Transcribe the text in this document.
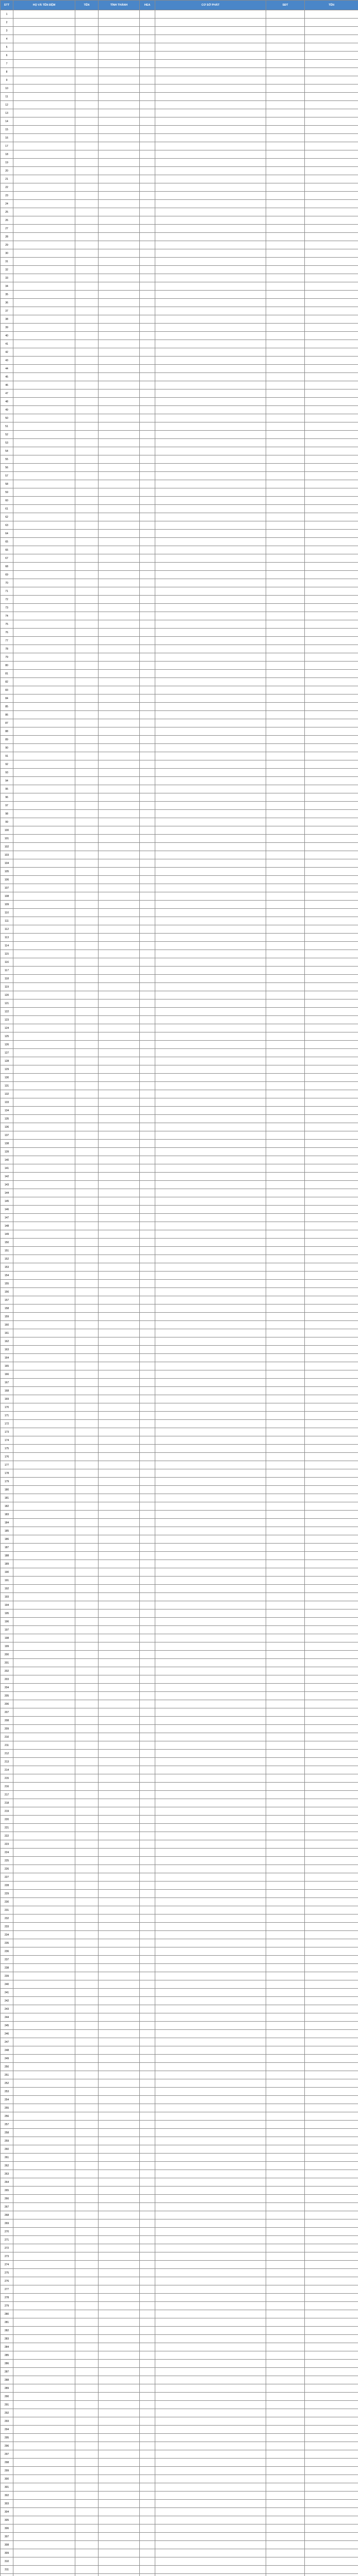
STT	HỌ VÀ TÊN ĐỆM	TÊN	TỈNH THÀNH	HEA	CƠ SỞ PHÁT	SĐT	TÊN
1							
2							
3							
4							
5							
6							
7							
8							
9							
10							
11							
12							
13							
14							
15							
16							
17							
18							
19							
20							
21							
22							
23							
24							
25							
26							
27							
28							
29							
30							
31							
32							
33							
34							
35							
36							
37							
38							
39							
40							
41							
42							
43							
44							
45							
46							
47							
48							
49							
50							
51							
52							
53							
54							
55							
56							
57							
58							
59							
60							
61							
62							
63							
64							
65							
66							
67							
68							
69							
70							
71							
72							
73							
74							
75							
76							
77							
78							
79							
80							
81							
82							
83							
84							
85							
86							
87							
88							
89							
90							
91							
92							
93							
94							
95							
96							
97							
98							
99							
100							
101							
102							
103							
104							
105							
106							
107							
108							
109							
110							
111							
112							
113							
114							
115							
116							
117							
118							
119							
120							
121							
122							
123							
124							
125							
126							
127							
128							
129							
130							
131							
132							
133							
134							
135							
136							
137							
138							
139							
140							
141							
142							
143							
144							
145							
146							
147							
148							
149							
150							
151							
152							
153							
154							
155							
156							
157							
158							
159							
160							
161							
162							
163							
164							
165							
166							
167							
168							
169							
170							
171							
172							
173							
174							
175							
176							
177							
178							
179							
180							
181							
182							
183							
184							
185							
186							
187							
188							
189							
190							
191							
192							
193							
194							
195							
196							
197							
198							
199							
200							
201							
202							
203							
204							
205							
206							
207							
208							
209							
210							
211							
212							
213							
214							
215							
216							
217							
218							
219							
220							
221							
222							
223							
224							
225							
226							
227							
228							
229							
230							
231							
232							
233							
234							
235							
236							
237							
238							
239							
240							
241							
242							
243							
244							
245							
246							
247							
248							
249							
250							
251							
252							
253							
254							
255							
256							
257							
258							
259							
260							
261							
262							
263							
264							
265							
266							
267							
268							
269							
270							
271							
272							
273							
274							
275							
276							
277							
278							
279							
280							
281							
282							
283							
284							
285							
286							
287							
288							
289							
290							
291							
292							
293							
294							
295							
296							
297							
298							
299							
300							
301							
302							
303							
304							
305							
306							
307							
308							
309							
310							
311							
